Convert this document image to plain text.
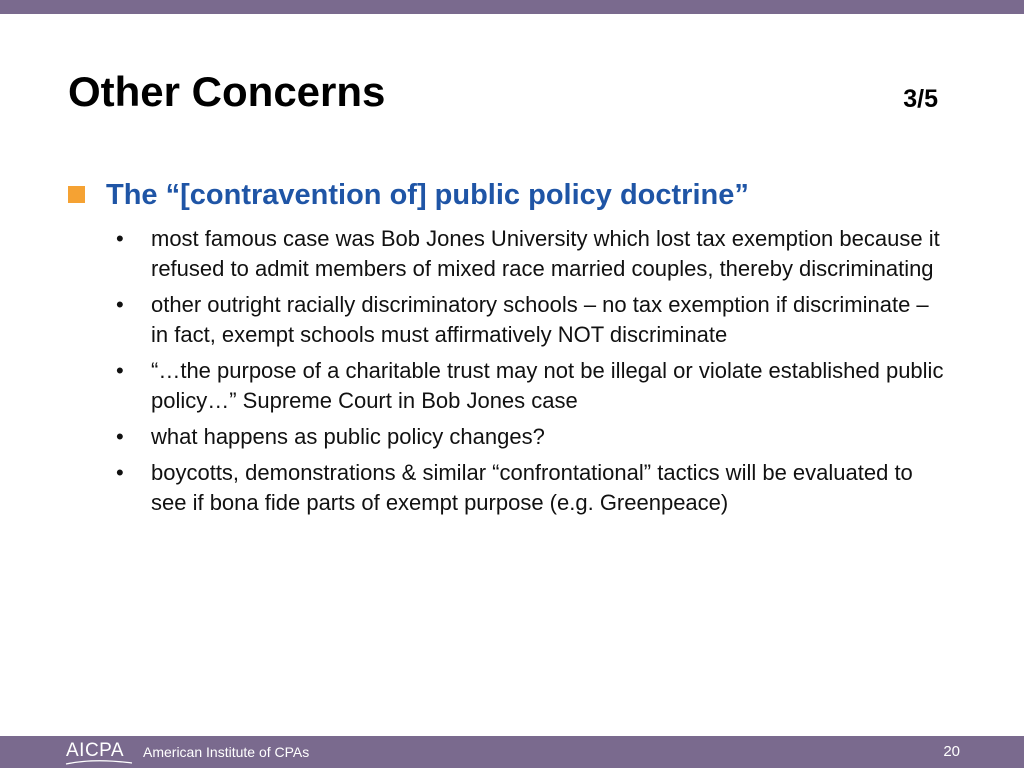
Other Concerns	3/5
The “[contravention of] public policy doctrine”
• most famous case was Bob Jones University which lost tax exemption because it refused to admit members of mixed race married couples, thereby discriminating
• other outright racially discriminatory schools – no tax exemption if discriminate – in fact, exempt schools must affirmatively NOT discriminate
• “…the purpose of a charitable trust may not be illegal or violate established public policy…” Supreme Court in Bob Jones case
• what happens as public policy changes?
• boycotts, demonstrations & similar “confrontational” tactics will be evaluated to see if bona fide parts of exempt purpose (e.g. Greenpeace)
AICPA American Institute of CPAs	20
